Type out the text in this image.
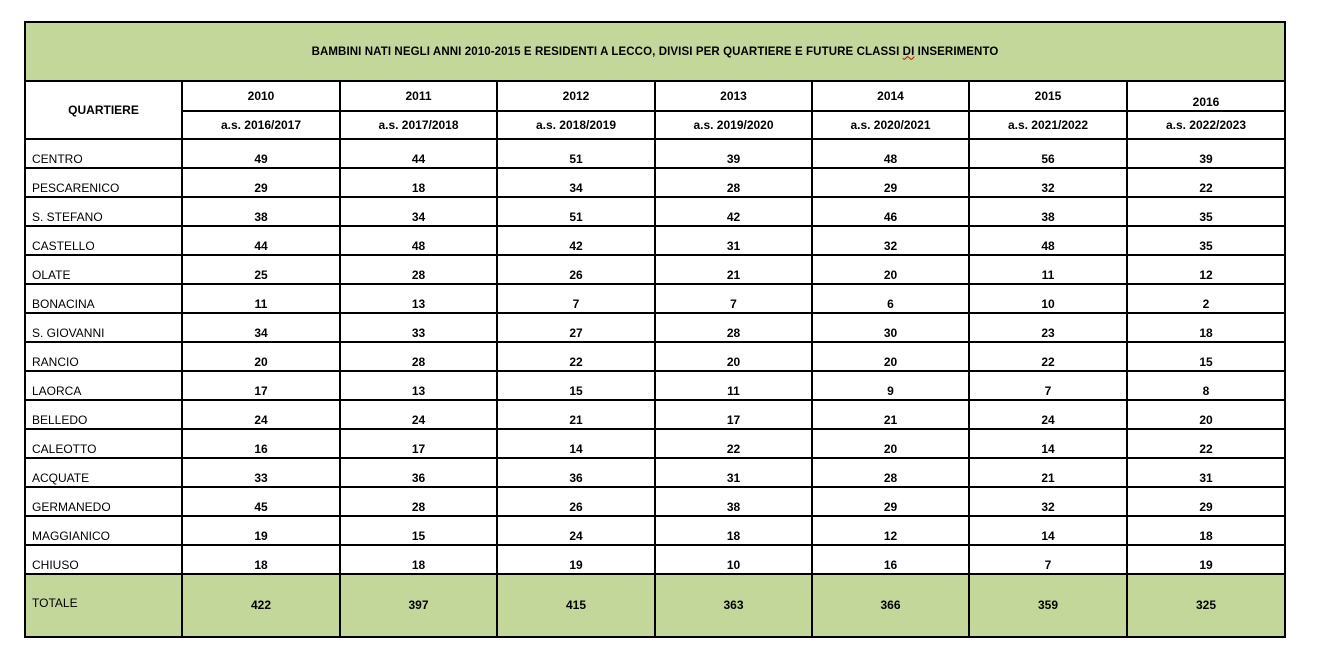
BAMBINI NATI NEGLI ANNI 2010-2015 E RESIDENTI A LECCO, DIVISI PER QUARTIERE E FUTURE CLASSI DI INSERIMENTO							
QUARTIERE	2010	2011	2012	2013	2014	2015	2016
	a.s. 2016/2017	a.s. 2017/2018	a.s. 2018/2019	a.s. 2019/2020	a.s. 2020/2021	a.s. 2021/2022	a.s. 2022/2023
CENTRO	49	44	51	39	48	56	39
PESCARENICO	29	18	34	28	29	32	22
S. STEFANO	38	34	51	42	46	38	35
CASTELLO	44	48	42	31	32	48	35
OLATE	25	28	26	21	20	11	12
BONACINA	11	13	7	7	6	10	2
S. GIOVANNI	34	33	27	28	30	23	18
RANCIO	20	28	22	20	20	22	15
LAORCA	17	13	15	11	9	7	8
BELLEDO	24	24	21	17	21	24	20
CALEOTTO	16	17	14	22	20	14	22
ACQUATE	33	36	36	31	28	21	31
GERMANEDO	45	28	26	38	29	32	29
MAGGIANICO	19	15	24	18	12	14	18
CHIUSO	18	18	19	10	16	7	19
TOTALE	422	397	415	363	366	359	325
